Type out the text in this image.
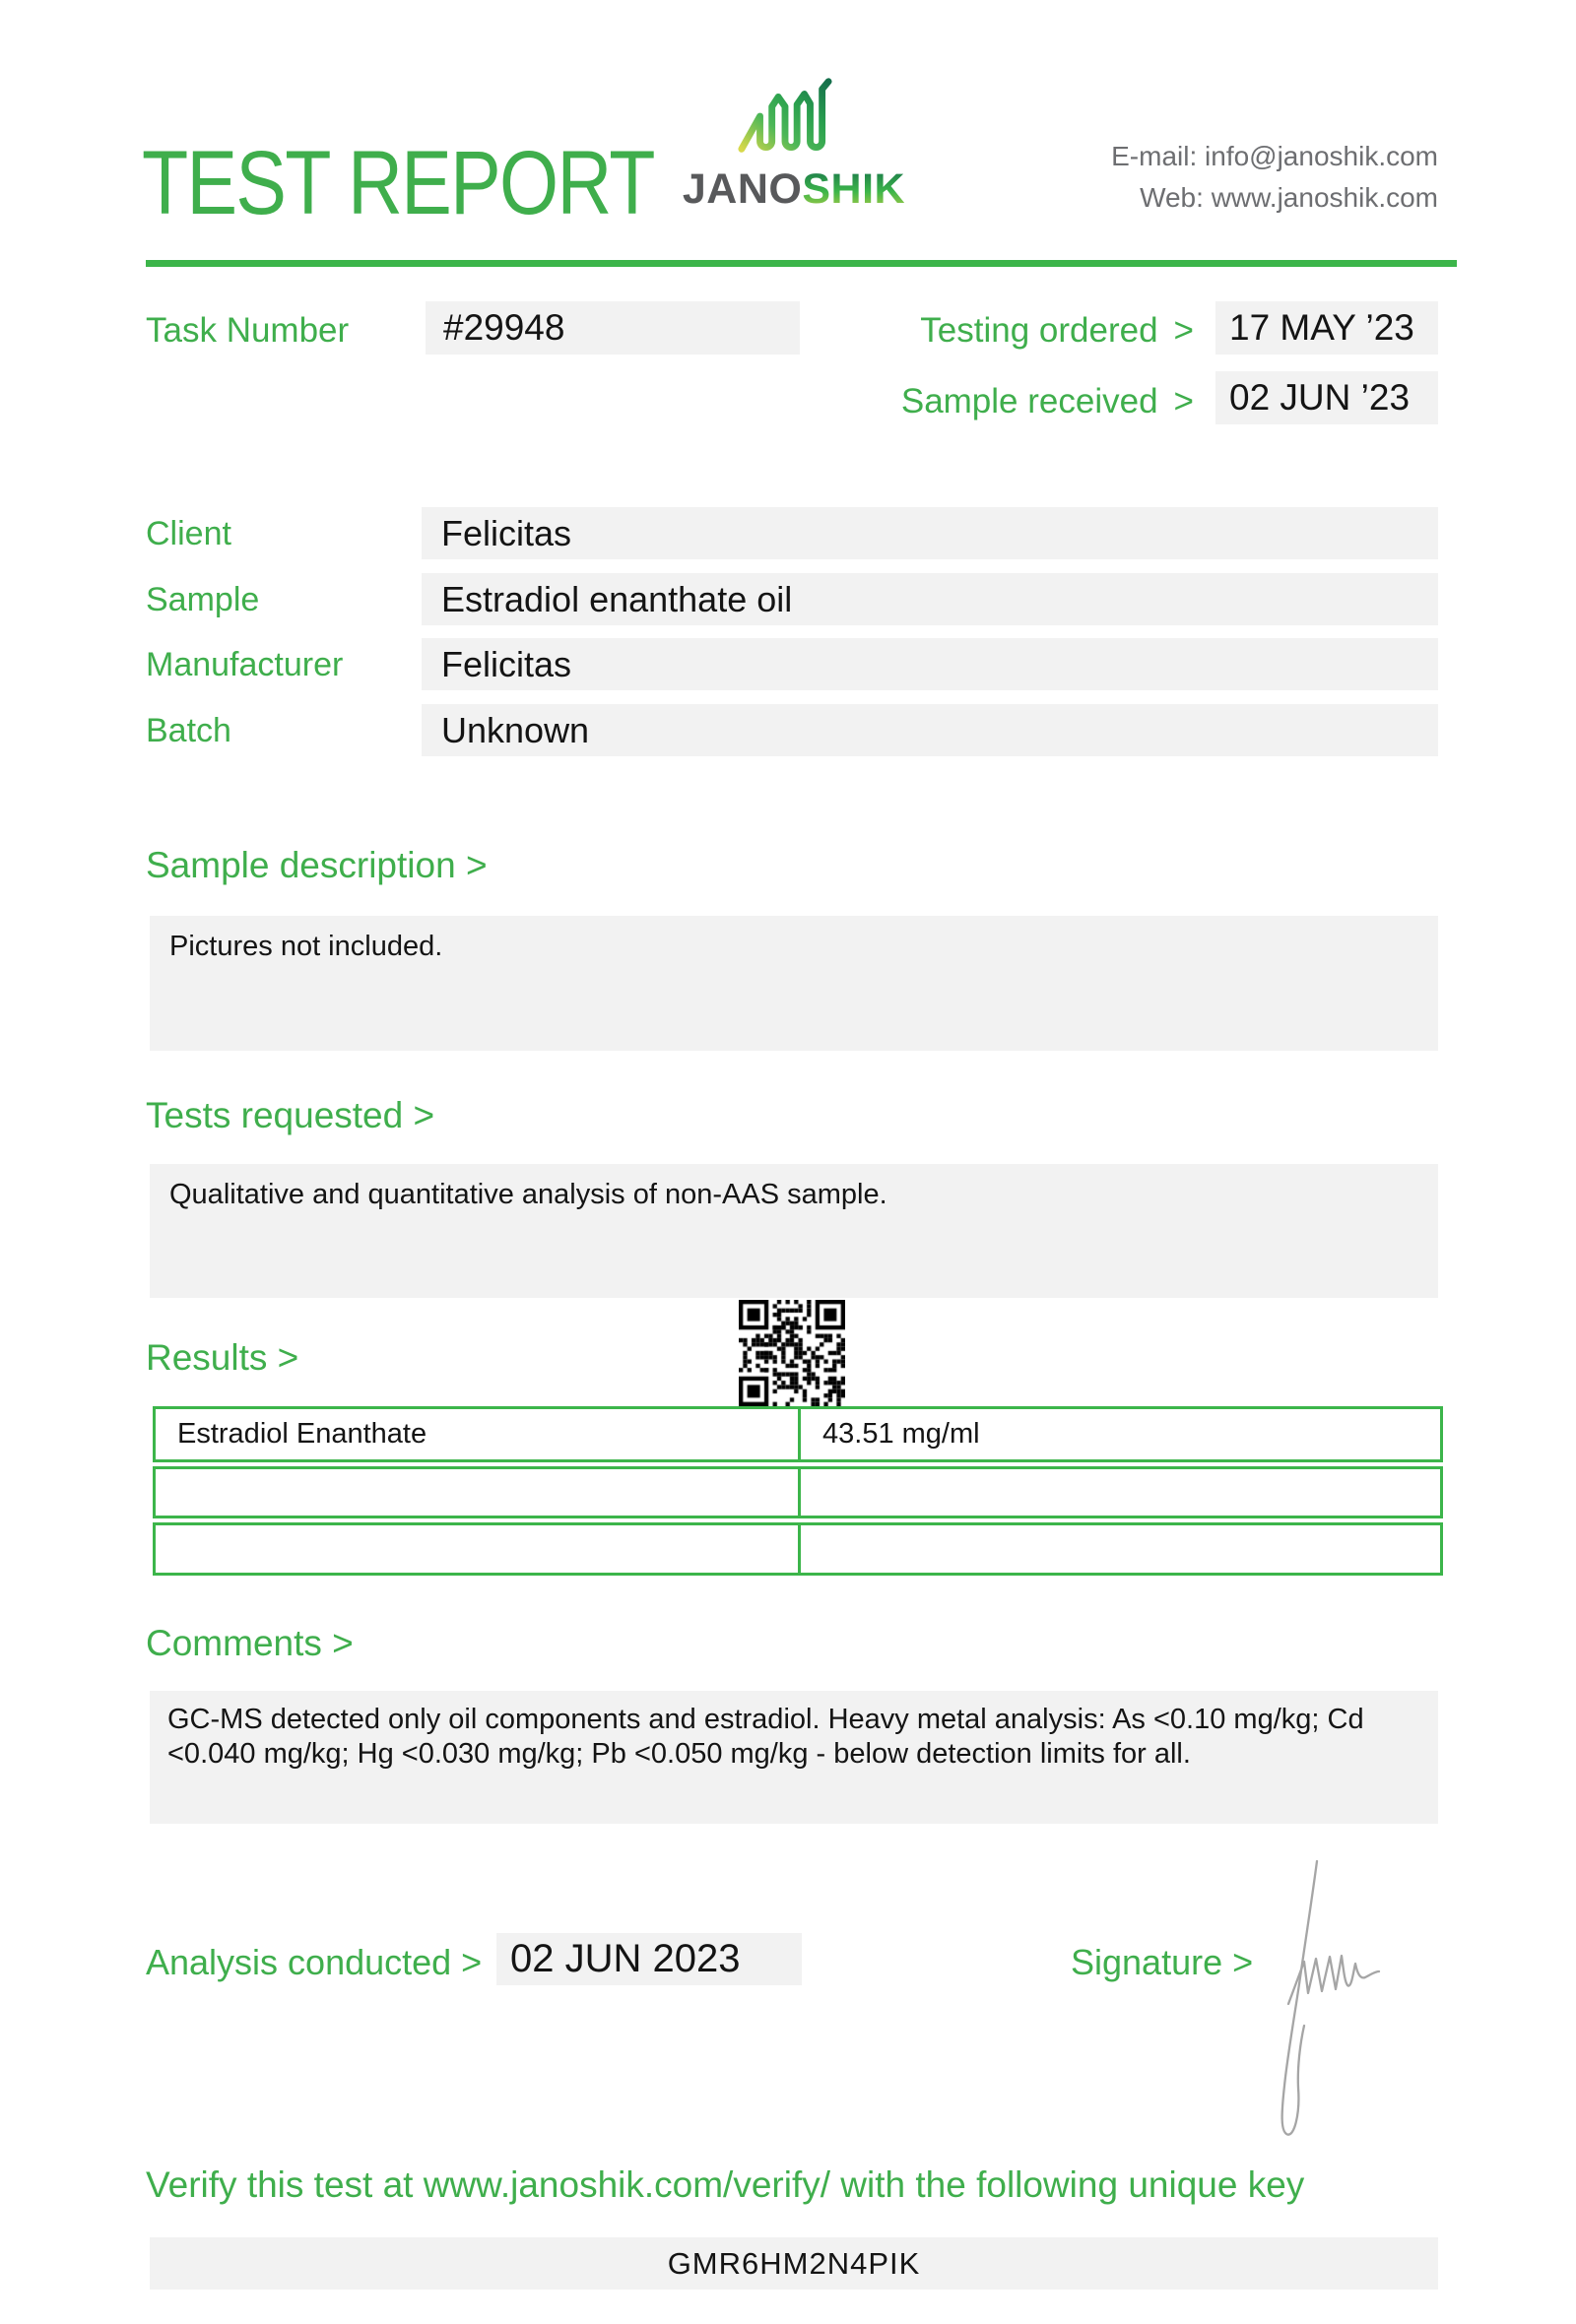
JANOSHIK
TEST REPORT	E-mail: info@janoshik.com
Web: www.janoshik.com
Task Number	#29948	Testing ordered > 17 MAY ’23
Sample received > 02 JUN ’23
Client	Felicitas
Sample	Estradiol enanthate oil
Manufacturer	Felicitas
Batch	Unknown
Sample description >

Pictures not included.

Tests requested >

Qualitative and quantitative analysis of non-AAS sample.

Results >
Estradiol Enanthate	43.51 mg/ml
Comments >

GC-MS detected only oil components and estradiol. Heavy metal analysis: As <0.10 mg/kg; Cd <0.040 mg/kg; Hg <0.030 mg/kg; Pb <0.050 mg/kg - below detection limits for all.

Analysis conducted > 02 JUN 2023	Signature >
Verify this test at www.janoshik.com/verify/ with the following unique key
GMR6HM2N4PIK
